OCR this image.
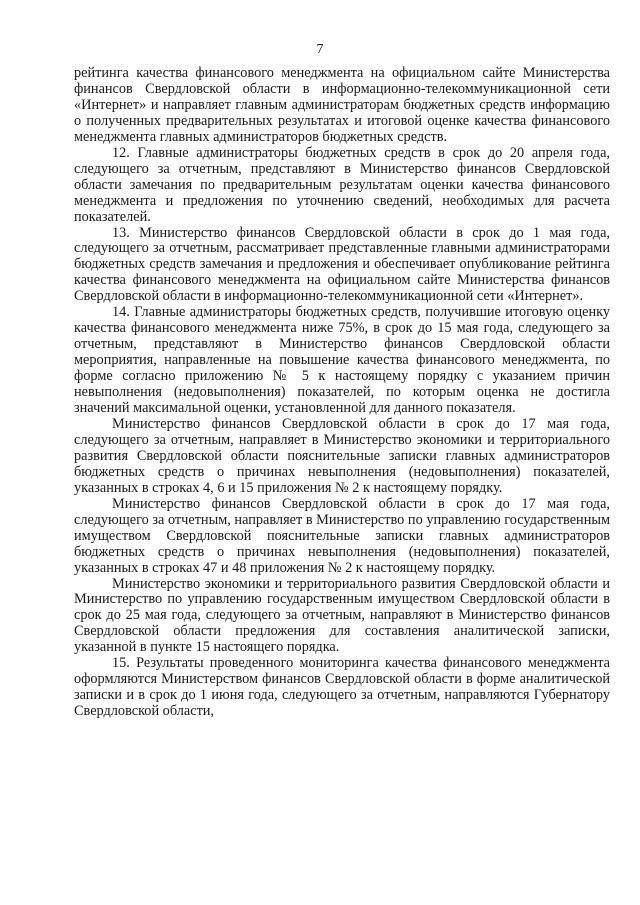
7

рейтинга качества финансового менеджмента на официальном сайте Министерства финансов Свердловской области в информационно-телекоммуникационной сети «Интернет» и направляет главным администраторам бюджетных средств информацию о полученных предварительных результатах и итоговой оценке качества финансового менеджмента главных администраторов бюджетных средств.

12. Главные администраторы бюджетных средств в срок до 20 апреля года, следующего за отчетным, представляют в Министерство финансов Свердловской области замечания по предварительным результатам оценки качества финансового менеджмента и предложения по уточнению сведений, необходимых для расчета показателей.

13. Министерство финансов Свердловской области в срок до 1 мая года, следующего за отчетным, рассматривает представленные главными администраторами бюджетных средств замечания и предложения и обеспечивает опубликование рейтинга качества финансового менеджмента на официальном сайте Министерства финансов Свердловской области в информационно-телекоммуникационной сети «Интернет».

14. Главные администраторы бюджетных средств, получившие итоговую оценку качества финансового менеджмента ниже 75%, в срок до 15 мая года, следующего за отчетным, представляют в Министерство финансов Свердловской области мероприятия, направленные на повышение качества финансового менеджмента, по форме согласно приложению № 5 к настоящему порядку с указанием причин невыполнения (недовыполнения) показателей, по которым оценка не достигла значений максимальной оценки, установленной для данного показателя.

Министерство финансов Свердловской области в срок до 17 мая года, следующего за отчетным, направляет в Министерство экономики и территориального развития Свердловской области пояснительные записки главных администраторов бюджетных средств о причинах невыполнения (недовыполнения) показателей, указанных в строках 4, 6 и 15 приложения № 2 к настоящему порядку.

Министерство финансов Свердловской области в срок до 17 мая года, следующего за отчетным, направляет в Министерство по управлению государственным имуществом Свердловской пояснительные записки главных администраторов бюджетных средств о причинах невыполнения (недовыполнения) показателей, указанных в строках 47 и 48 приложения № 2 к настоящему порядку.

Министерство экономики и территориального развития Свердловской области и Министерство по управлению государственным имуществом Свердловской области в срок до 25 мая года, следующего за отчетным, направляют в Министерство финансов Свердловской области предложения для составления аналитической записки, указанной в пункте 15 настоящего порядка.

15. Результаты проведенного мониторинга качества финансового менеджмента оформляются Министерством финансов Свердловской области в форме аналитической записки и в срок до 1 июня года, следующего за отчетным, направляются Губернатору Свердловской области,
